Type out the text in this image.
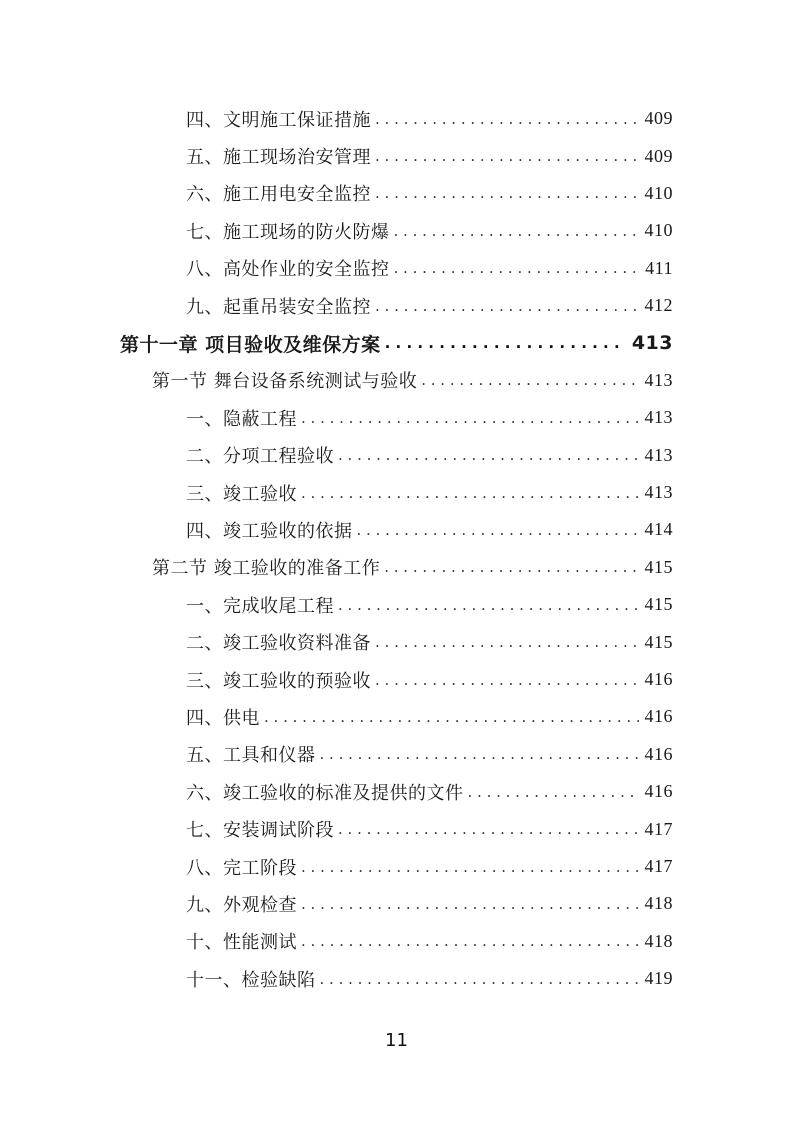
四、文明施工保证措施 . . .	409
五、施工现场治安管理 . . .	409
六、施工用电安全监控 . . .	410
七、施工现场的防火防爆 . . .	410
八、高处作业的安全监控 . . .	411
九、起重吊装安全监控 . . .	412
第十一章 项目验收及维保方案 . . .	413
第一节 舞台设备系统测试与验收 . . .	413
一、隐蔽工程 . . .	413
二、分项工程验收 . . .	413
三、竣工验收 . . .	413
四、竣工验收的依据 . . .	414
第二节 竣工验收的准备工作 . . .	415
一、完成收尾工程 . . .	415
二、竣工验收资料准备 . . .	415
三、竣工验收的预验收 . . .	416
四、供电 . . .	416
五、工具和仪器 . . .	416
六、竣工验收的标准及提供的文件 . . .	416
七、安装调试阶段 . . .	417
八、完工阶段 . . .	417
九、外观检查 . . .	418
十、性能测试 . . .	418
十一、检验缺陷 . . .	419
11
